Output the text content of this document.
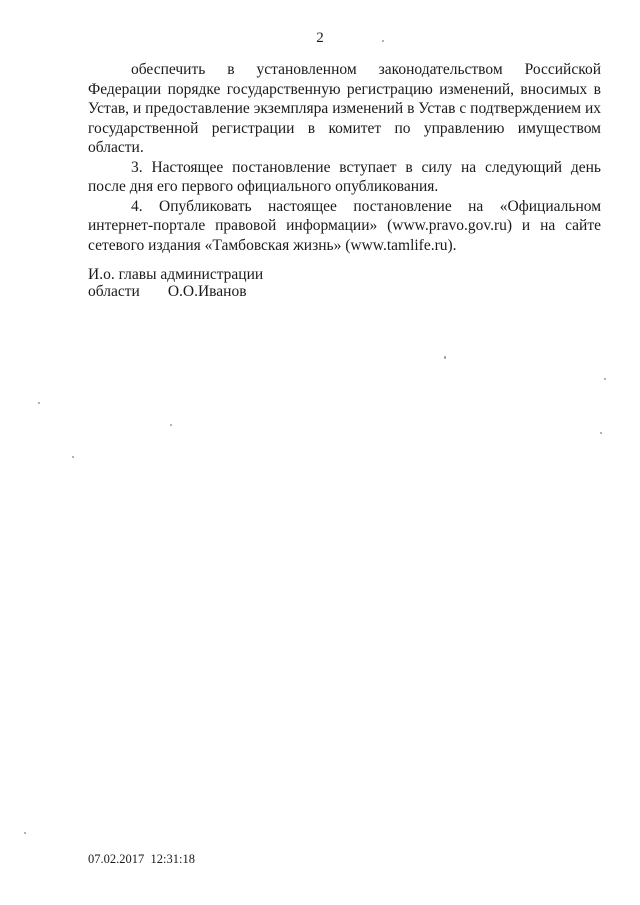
2

обеспечить в установленном законодательством Российской Федерации порядке государственную регистрацию изменений, вносимых в Устав, и предоставление экземпляра изменений в Устав с подтверждением их государственной регистрации в комитет по управлению имуществом области.

3. Настоящее постановление вступает в силу на следующий день после дня его первого официального опубликования.

4. Опубликовать настоящее постановление на «Официальном интернет-портале правовой информации» (www.pravo.gov.ru) и на сайте сетевого издания «Тамбовская жизнь» (www.tamlife.ru).

И.о. главы администрации
области О.О.Иванов
07.02.2017  12:31:18
